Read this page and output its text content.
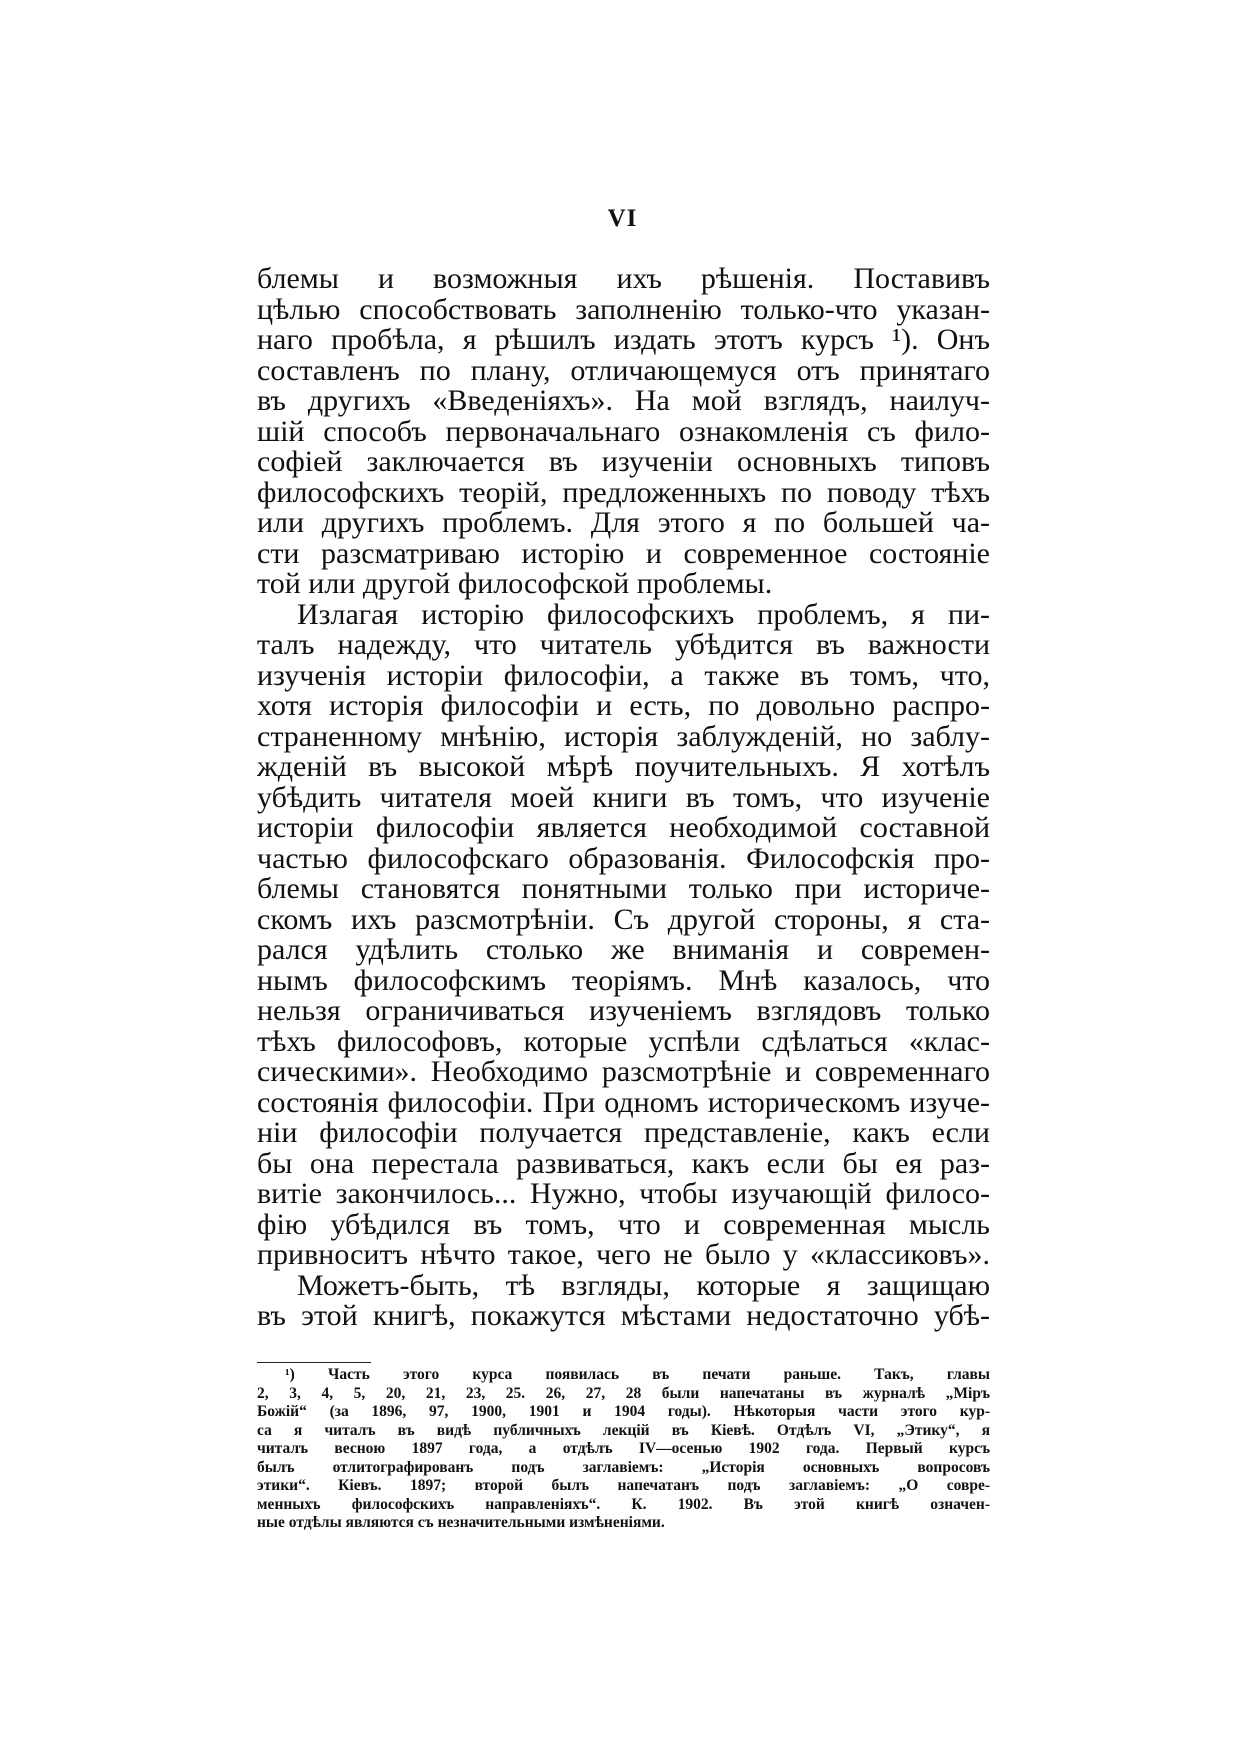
VI
блемы и возможныя ихъ рѣшенія. Поставивъ
цѣлью способствовать заполненію только-что указан-
наго пробѣла, я рѣшилъ издать этотъ курсъ ¹). Онъ
составленъ по плану, отличающемуся отъ принятаго
въ другихъ «Введеніяхъ». На мой взглядъ, наилуч-
шій способъ первоначальнаго ознакомленія съ фило-
софіей заключается въ изученіи основныхъ типовъ
философскихъ теорій, предложенныхъ по поводу тѣхъ
или другихъ проблемъ. Для этого я по большей ча-
сти разсматриваю исторію и современное состояніе
той или другой философской проблемы.
Излагая исторію философскихъ проблемъ, я пи-
талъ надежду, что читатель убѣдится въ важности
изученія исторіи философіи, а также въ томъ, что,
хотя исторія философіи и есть, по довольно распро-
страненному мнѣнію, исторія заблужденій, но заблу-
жденій въ высокой мѣрѣ поучительныхъ. Я хотѣлъ
убѣдить читателя моей книги въ томъ, что изученіе
исторіи философіи является необходимой составной
частью философскаго образованія. Философскія про-
блемы становятся понятными только при историче-
скомъ ихъ разсмотрѣніи. Съ другой стороны, я ста-
рался удѣлить столько же вниманія и современ-
нымъ философскимъ теоріямъ. Мнѣ казалось, что
нельзя ограничиваться изученіемъ взглядовъ только
тѣхъ философовъ, которые успѣли сдѣлаться «клас-
сическими». Необходимо разсмотрѣніе и современнаго
состоянія философіи. При одномъ историческомъ изуче-
ніи философіи получается представленіе, какъ если
бы она перестала развиваться, какъ если бы ея раз-
витіе закончилось... Нужно, чтобы изучающій филосо-
фію убѣдился въ томъ, что и современная мысль
привноситъ нѣчто такое, чего не было у «классиковъ».
Можетъ-быть, тѣ взгляды, которые я защищаю
въ этой книгѣ, покажутся мѣстами недостаточно убѣ-
¹) Часть этого курса появилась въ печати раньше. Такъ, главы
2, 3, 4, 5, 20, 21, 23, 25. 26, 27, 28 были напечатаны въ журналѣ „Міръ
Божій“ (за 1896, 97, 1900, 1901 и 1904 годы). Нѣкоторыя части этого кур-
са я читалъ въ видѣ публичныхъ лекцій въ Кіевѣ. Отдѣлъ VI, „Этику“, я
читалъ весною 1897 года, а отдѣлъ IV—осенью 1902 года. Первый курсъ
былъ отлитографированъ подъ заглавіемъ: „Исторія основныхъ вопросовъ
этики“. Кіевъ. 1897; второй былъ напечатанъ подъ заглавіемъ: „О совре-
менныхъ философскихъ направленіяхъ“. К. 1902. Въ этой книгѣ означен-
ные отдѣлы являются съ незначительными измѣненіями.
